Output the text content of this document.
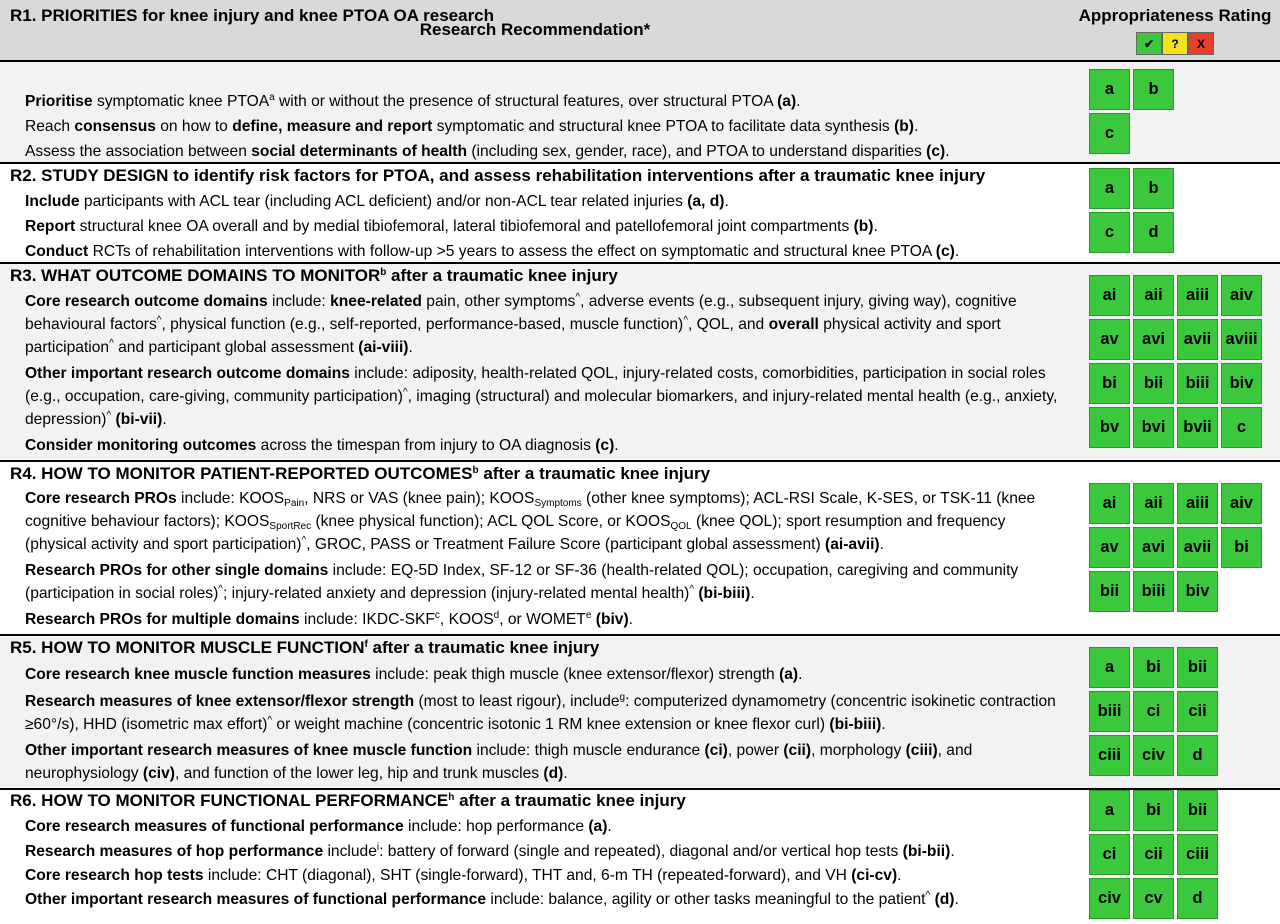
Research Recommendation*
Appropriateness Rating
✔	?	X
R1. PRIORITIES for knee injury and knee PTOA OA research
Prioritise symptomatic knee PTOA$^a$ with or without the presence of structural features, over structural PTOA (a).
Reach consensus on how to define, measure and report symptomatic and structural knee PTOA to facilitate data synthesis (b).
Assess the association between social determinants of health (including sex, gender, race), and PTOA to understand disparities (c).
a	b
c
R2. STUDY DESIGN to identify risk factors for PTOA, and assess rehabilitation interventions after a traumatic knee injury
Include participants with ACL tear (including ACL deficient) and/or non-ACL tear related injuries (a, d).
Report structural knee OA overall and by medial tibiofemoral, lateral tibiofemoral and patellofemoral joint compartments (b).
Conduct RCTs of rehabilitation interventions with follow-up >5 years to assess the effect on symptomatic and structural knee PTOA (c).
a	b
c	d
R3. WHAT OUTCOME DOMAINS TO MONITOR$^b$ after a traumatic knee injury
Core research outcome domains include: knee-related pain, other symptoms^, adverse events (e.g., subsequent injury, giving way), cognitive behavioural factors^, physical function (e.g., self-reported, performance-based, muscle function)^, QOL, and overall physical activity and sport participation^ and participant global assessment (ai-viii).
Other important research outcome domains include: adiposity, health-related QOL, injury-related costs, comorbidities, participation in social roles (e.g., occupation, care-giving, community participation)^, imaging (structural) and molecular biomarkers, and injury-related mental health (e.g., anxiety, depression)^ (bi-vii).
Consider monitoring outcomes across the timespan from injury to OA diagnosis (c).
ai	aii	aiii	aiv
av	avi	avii aviii
bi	bii	biii	biv
bv	bvi	bvii	c
R4. HOW TO MONITOR PATIENT-REPORTED OUTCOMES$^b$ after a traumatic knee injury
Core research PROs include: $KOOS_{Pain}$, NRS or VAS (knee pain); $KOOS_{Symptoms}$ (other knee symptoms); ACL-RSI Scale, K-SES, or TSK-11 (knee cognitive behaviour factors); $KOOS_{SportRec}$ (knee physical function); ACL QOL Score, or $KOOS_{QOL}$ (knee QOL); sport resumption and frequency (physical activity and sport participation)^, GROC, PASS or Treatment Failure Score (participant global assessment) (ai-avii).
Research PROs for other single domains include: EQ-5D Index, SF-12 or SF-36 (health-related QOL); occupation, caregiving and community (participation in social roles)^; injury-related anxiety and depression (injury-related mental health)^ (bi-biii).
Research PROs for multiple domains include: IKDC-SKF$^c$, KOOS$^d$, or WOMET$^e$ (biv).
ai	aii	aiii	aiv
av	avi	avii	bi
bii	biii	biv
R5. HOW TO MONITOR MUSCLE FUNCTION$^f$ after a traumatic knee injury
Core research knee muscle function measures include: peak thigh muscle (knee extensor/flexor) strength (a).
Research measures of knee extensor/flexor strength (most to least rigour), include$^g$: computerized dynamometry (concentric isokinetic contraction ≥60°/s), HHD (isometric max effort)^ or weight machine (concentric isotonic 1 RM knee extension or knee flexor curl) (bi-biii).
Other important research measures of knee muscle function include: thigh muscle endurance (ci), power (cii), morphology (ciii), and neurophysiology (civ), and function of the lower leg, hip and trunk muscles (d).
a	bi	bii
biii	ci	cii
ciii	civ	d
R6. HOW TO MONITOR FUNCTIONAL PERFORMANCE$^h$ after a traumatic knee injury
Core research measures of functional performance include: hop performance (a).
Research measures of hop performance include$^i$: battery of forward (single and repeated), diagonal and/or vertical hop tests (bi-bii).
Core research hop tests include: CHT (diagonal), SHT (single-forward), THT and, 6-m TH (repeated-forward), and VH (ci-cv).
Other important research measures of functional performance include: balance, agility or other tasks meaningful to the patient^ (d).
a	bi	bii
ci	cii	ciii
civ	cv	d
